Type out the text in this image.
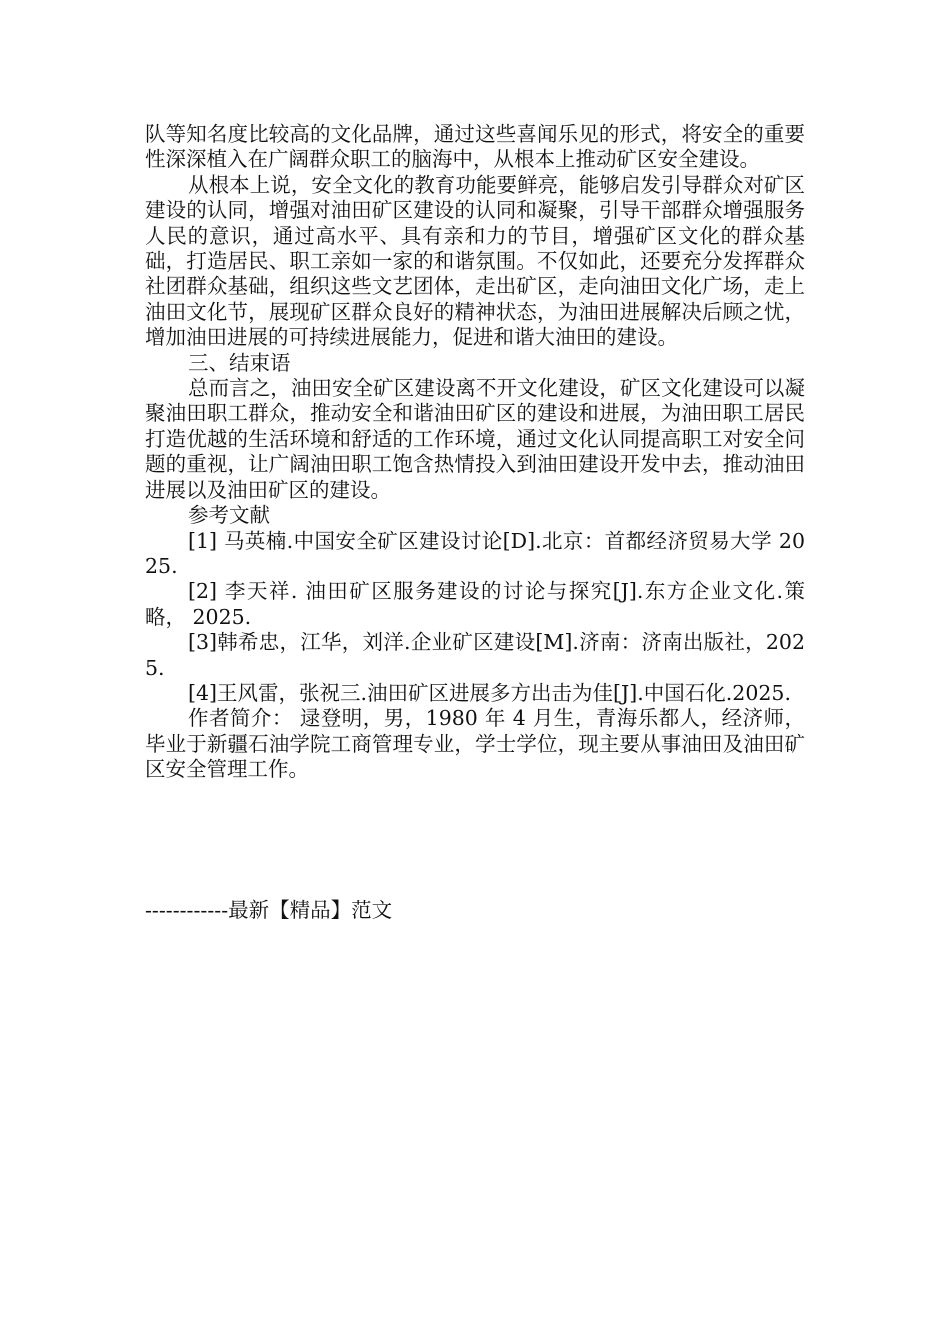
队等知名度比较高的文化品牌，通过这些喜闻乐见的形式，将安全的重要性深深植入在广阔群众职工的脑海中，从根本上推动矿区安全建设。

从根本上说，安全文化的教育功能要鲜亮，能够启发引导群众对矿区建设的认同，增强对油田矿区建设的认同和凝聚，引导干部群众增强服务人民的意识，通过高水平、具有亲和力的节目，增强矿区文化的群众基础，打造居民、职工亲如一家的和谐氛围。不仅如此，还要充分发挥群众社团群众基础，组织这些文艺团体，走出矿区，走向油田文化广场，走上油田文化节，展现矿区群众良好的精神状态，为油田进展解决后顾之忧，增加油田进展的可持续进展能力，促进和谐大油田的建设。

三、结束语

总而言之，油田安全矿区建设离不开文化建设，矿区文化建设可以凝聚油田职工群众，推动安全和谐油田矿区的建设和进展，为油田职工居民打造优越的生活环境和舒适的工作环境，通过文化认同提高职工对安全问题的重视，让广阔油田职工饱含热情投入到油田建设开发中去，推动油田进展以及油田矿区的建设。

参考文献

[1] 马英楠.中国安全矿区建设讨论[D].北京：首都经济贸易大学 2025.

[2] 李天祥. 油田矿区服务建设的讨论与探究[J].东方企业文化.策略， 2025.

[3]韩希忠，江华，刘洋.企业矿区建设[M].济南：济南出版社，2025.

[4]王风雷，张祝三.油田矿区进展多方出击为佳[J].中国石化.2025.

作者简介： 逯登明，男，1980 年 4 月生，青海乐都人，经济师，毕业于新疆石油学院工商管理专业，学士学位，现主要从事油田及油田矿区安全管理工作。

------------最新【精品】范文
